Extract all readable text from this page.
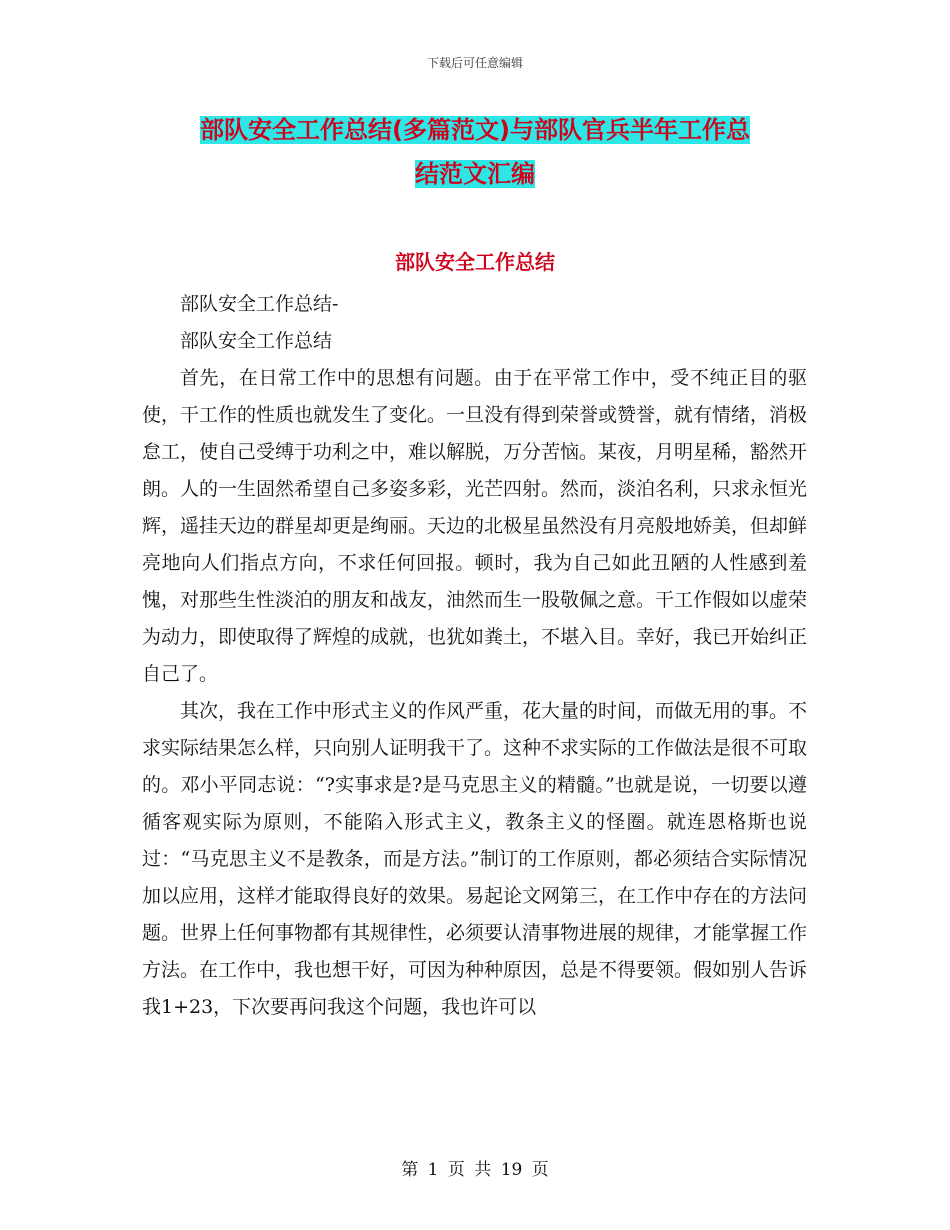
下载后可任意编辑
部队安全工作总结(多篇范文)与部队官兵半年工作总
结范文汇编
部队安全工作总结

部队安全工作总结-

部队安全工作总结

首先，在日常工作中的思想有问题。由于在平常工作中，受不纯正目的驱使，干工作的性质也就发生了变化。一旦没有得到荣誉或赞誉，就有情绪，消极怠工，使自己受缚于功利之中，难以解脱，万分苦恼。某夜，月明星稀，豁然开朗。人的一生固然希望自己多姿多彩，光芒四射。然而，淡泊名利，只求永恒光辉，遥挂天边的群星却更是绚丽。天边的北极星虽然没有月亮般地娇美，但却鲜亮地向人们指点方向，不求任何回报。顿时，我为自己如此丑陋的人性感到羞愧，对那些生性淡泊的朋友和战友，油然而生一股敬佩之意。干工作假如以虚荣为动力，即使取得了辉煌的成就，也犹如粪土，不堪入目。幸好，我已开始纠正自己了。

其次，我在工作中形式主义的作风严重，花大量的时间，而做无用的事。不求实际结果怎么样，只向别人证明我干了。这种不求实际的工作做法是很不可取的。邓小平同志说：“?实事求是?是马克思主义的精髓。”也就是说，一切要以遵循客观实际为原则，不能陷入形式主义，教条主义的怪圈。就连恩格斯也说过：“马克思主义不是教条，而是方法。”制订的工作原则，都必须结合实际情况加以应用，这样才能取得良好的效果。易起论文网第三，在工作中存在的方法问题。世界上任何事物都有其规律性，必须要认清事物进展的规律，才能掌握工作方法。在工作中，我也想干好，可因为种种原因，总是不得要领。假如别人告诉我1+23，下次要再问我这个问题，我也许可以

第 1 页 共 19 页
